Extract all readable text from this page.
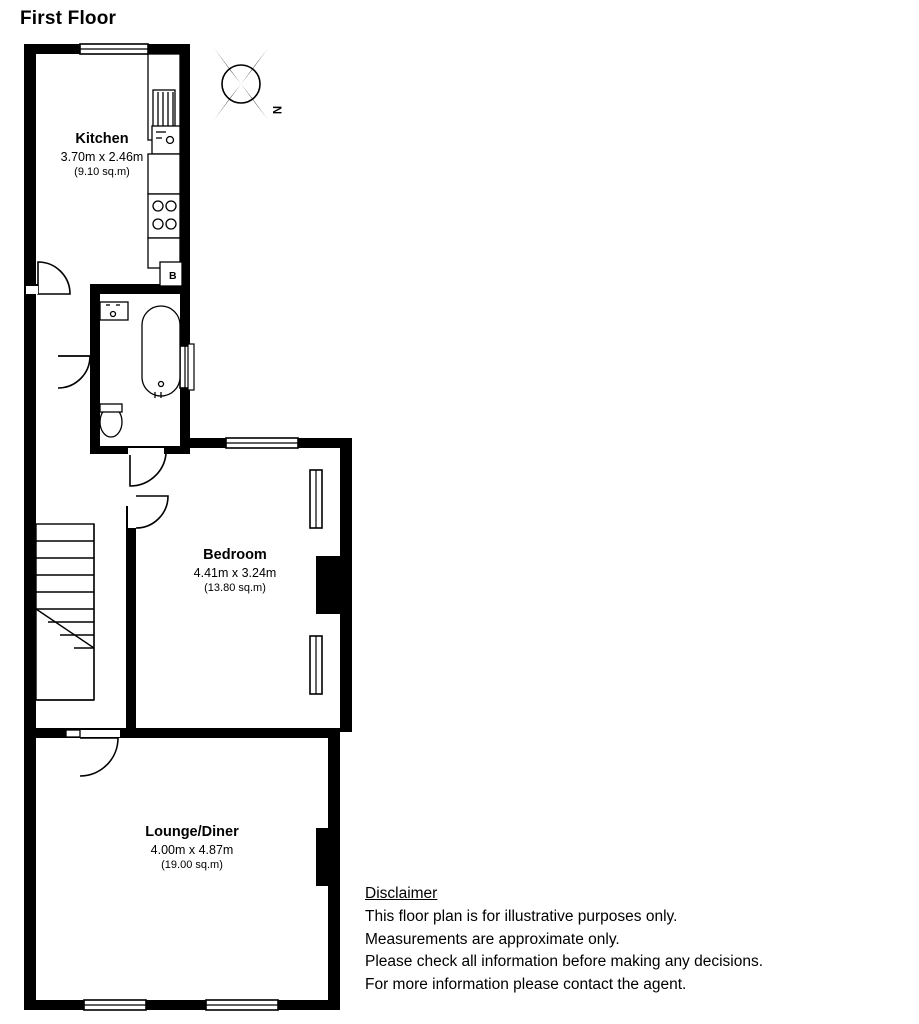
First Floor
N
Kitchen
3.70m x 2.46m
(9.10 sq.m)
Bedroom
4.41m x 3.24m
(13.80 sq.m)
Lounge/Diner
4.00m x 4.87m
(19.00 sq.m)
B
Disclaimer
This floor plan is for illustrative purposes only.
Measurements are approximate only.
Please check all information before making any decisions.
For more information please contact the agent.
